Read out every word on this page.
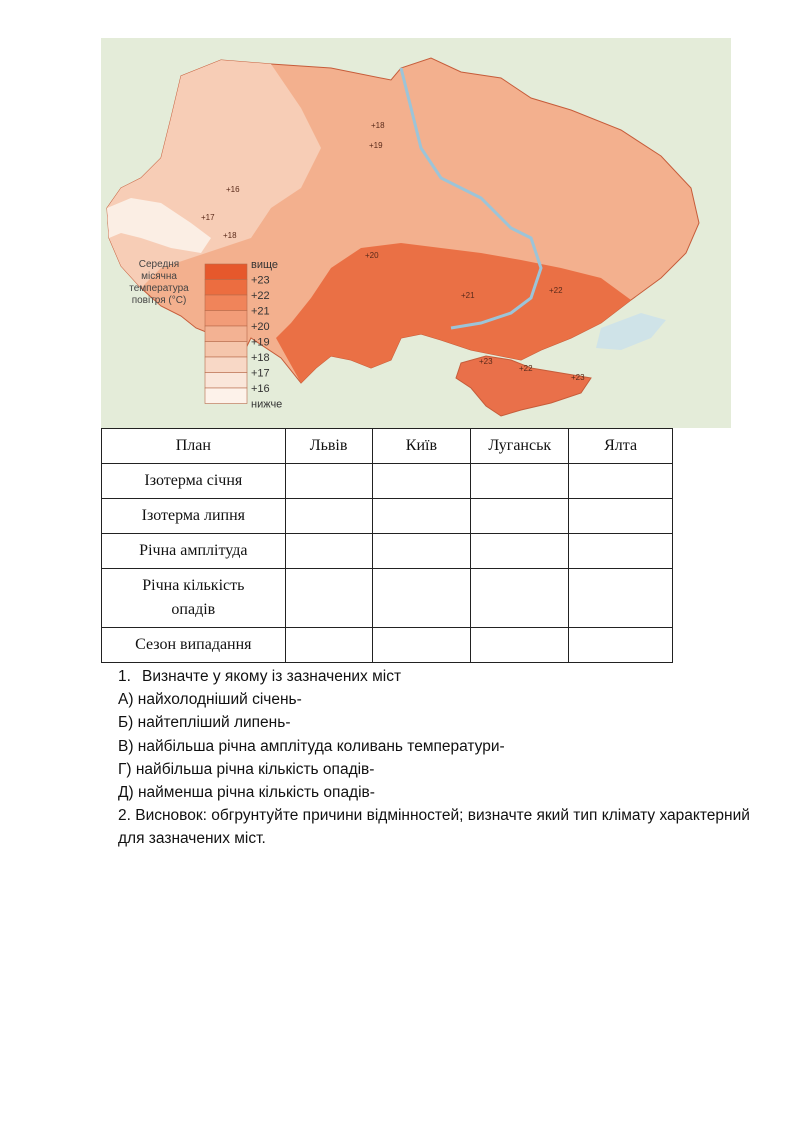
+18
+19
+16
+17
+18
+20
+21
+22
+22
+23
+23
Середня
місячна
температура
повітря (°С)
вище
+23
+22
+21
+20
+19
+18
+17
+16
нижче
План	Львів	Київ	Луганськ	Ялта
Ізотерма січня				
Ізотерма липня				
Річна амплітуда				
Річна кількість
опадів				
Сезон випадання				
1. Визначте у якому із зазначених міст
А) найхолодніший січень-
Б) найтепліший липень-
В) найбільша річна амплітуда коливань температури-
Г) найбільша річна кількість опадів-
Д) найменша річна кількість опадів-
2. Висновок: обгрунтуйте причини відмінностей; визначте який тип клімату характерний для зазначених міст.
